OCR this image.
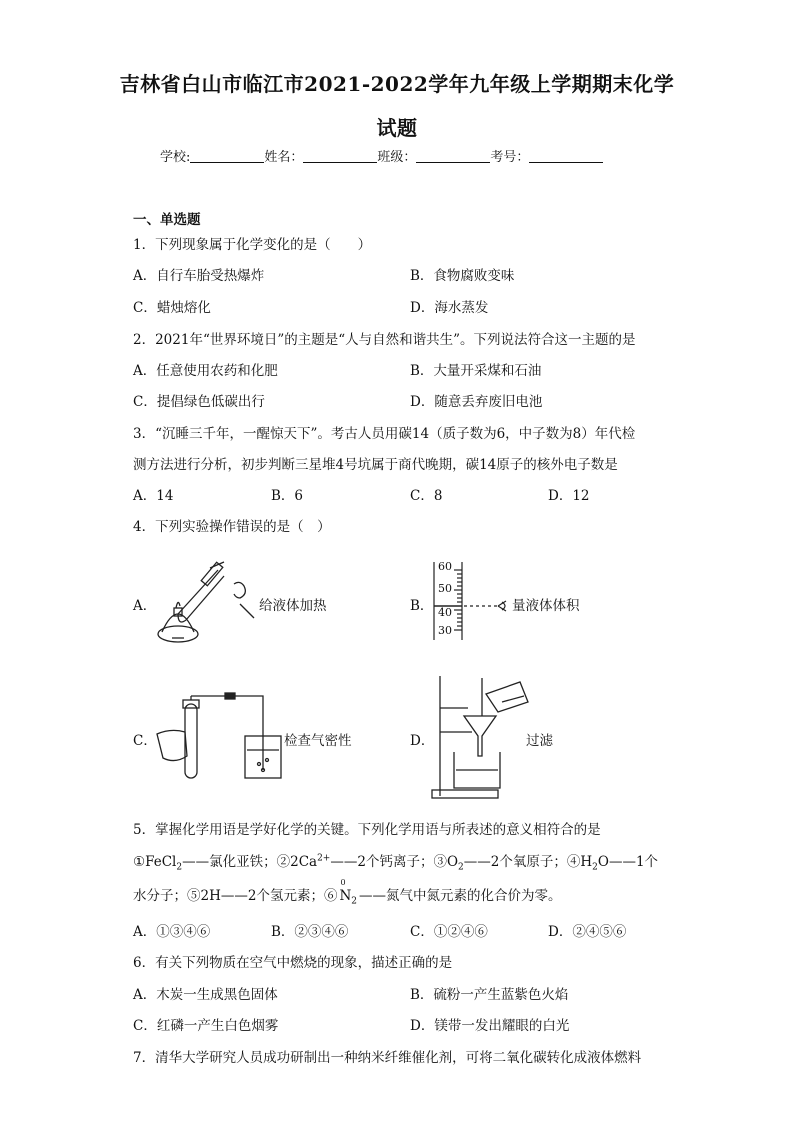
吉林省白山市临江市2021-2022学年九年级上学期期末化学
试题
学校:	姓名：	班级：	考号：
一、单选题
1．下列现象属于化学变化的是（　　）
A．自行车胎受热爆炸	B．食物腐败变味
C．蜡烛熔化	D．海水蒸发
2．2021年“世界环境日”的主题是“人与自然和谐共生”。下列说法符合这一主题的是
A．任意使用农药和化肥	B．大量开采煤和石油
C．提倡绿色低碳出行	D．随意丢弃废旧电池
3．“沉睡三千年，一醒惊天下”。考古人员用碳14（质子数为6，中子数为8）年代检
测方法进行分析，初步判断三星堆4号坑属于商代晚期，碳14原子的核外电子数是
A．14	B．6	C．8	D．12
4．下列实验操作错误的是（　）
A．	给液体加热	B．
60
50
40
30
量液体体积
C．	检查气密性	D．	过滤
5．掌握化学用语是学好化学的关键。下列化学用语与所表述的意义相符合的是
①FeCl$_2$——氯化亚铁；$②2Ca^{2+}——2$个钙离子；$③O_2——2$个氧原子；$④H_2O——1$个
水分子；⑤2H——2个氢元素；⑥
0
$N_2$ ——氮气中氮元素的化合价为零。
A．①③④⑥	B．②③④⑥	C．①②④⑥	D．②④⑤⑥
6．有关下列物质在空气中燃烧的现象，描述正确的是
A．木炭一生成黑色固体	B．硫粉一产生蓝紫色火焰
C．红磷一产生白色烟雾	D．镁带一发出耀眼的白光
7．清华大学研究人员成功研制出一种纳米纤维催化剂，可将二氧化碳转化成液体燃料
